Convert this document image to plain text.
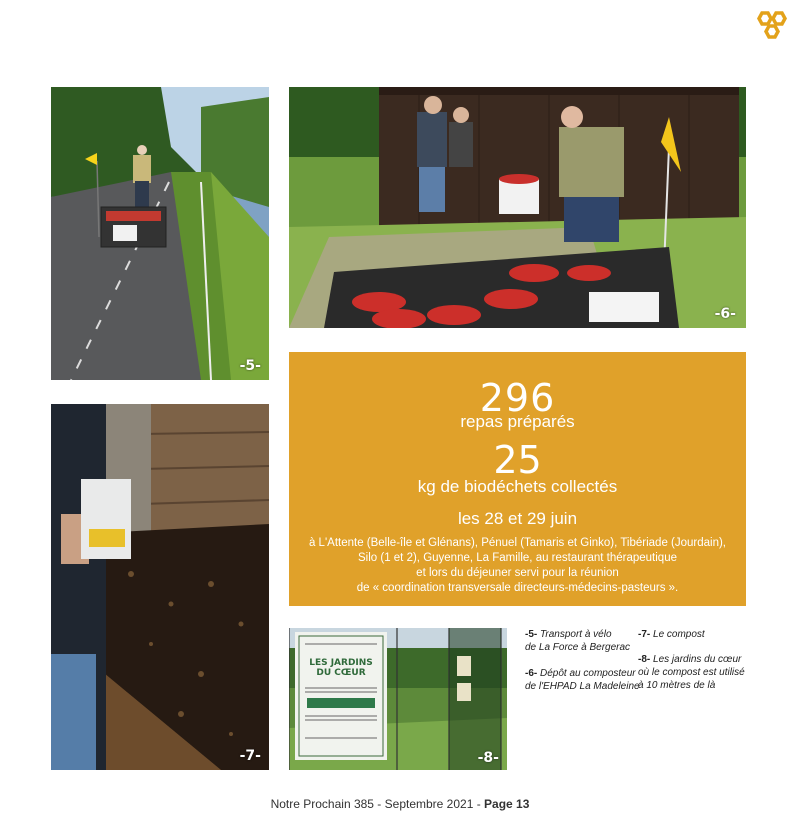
-5-
-6-
-7-
296
repas préparés
25
kg de biodéchets collectés
les 28 et 29 juin
à L'Attente (Belle-île et Glénans), Pénuel (Tamaris et Ginko), Tibériade (Jourdain),
Silo (1 et 2), Guyenne, La Famille, au restaurant thérapeutique
et lors du déjeuner servi pour la réunion
de « coordination transversale directeurs-médecins-pasteurs ».
LES JARDINS
DU CŒUR
-8-
-5- Transport à vélo
de La Force à Bergerac
-6- Dépôt au composteur
de l'EHPAD La Madeleine
-7- Le compost
-8- Les jardins du cœur
où le compost est utilisé
à 10 mètres de là
Notre Prochain 385 - Septembre 2021 - Page 13
